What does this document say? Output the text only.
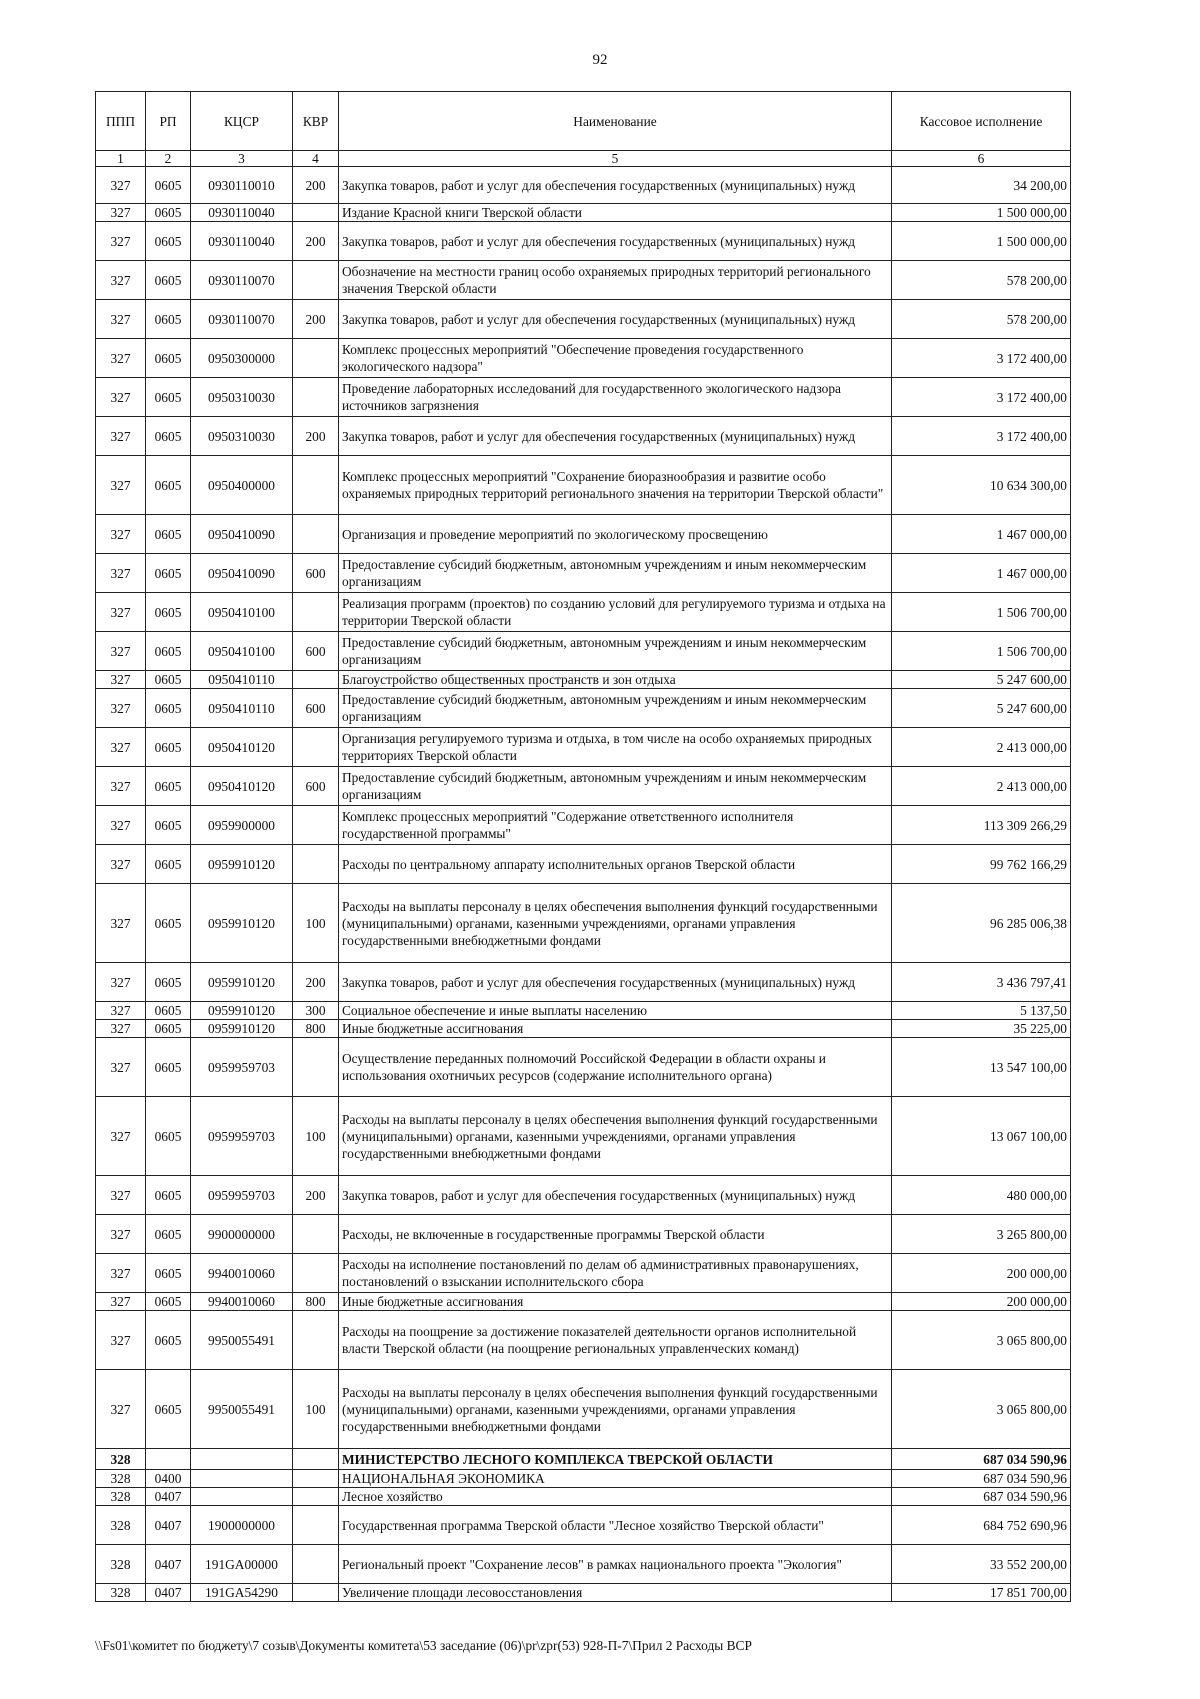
92
ППП	РП	КЦСР	КВР	Наименование	Кассовое исполнение
1	2	3	4	5	6
327	0605	0930110010	200	Закупка товаров, работ и услуг для обеспечения государственных (муниципальных) нужд	34 200,00
327	0605	0930110040		Издание Красной книги Тверской области	1 500 000,00
327	0605	0930110040	200	Закупка товаров, работ и услуг для обеспечения государственных (муниципальных) нужд	1 500 000,00
327	0605	0930110070		Обозначение на местности границ особо охраняемых природных территорий регионального значения Тверской области	578 200,00
327	0605	0930110070	200	Закупка товаров, работ и услуг для обеспечения государственных (муниципальных) нужд	578 200,00
327	0605	0950300000		Комплекс процессных мероприятий "Обеспечение проведения государственного экологического надзора"	3 172 400,00
327	0605	0950310030		Проведение лабораторных исследований для государственного экологического надзора источников загрязнения	3 172 400,00
327	0605	0950310030	200	Закупка товаров, работ и услуг для обеспечения государственных (муниципальных) нужд	3 172 400,00
327	0605	0950400000		Комплекс процессных мероприятий "Сохранение биоразнообразия и развитие особо охраняемых природных территорий регионального значения на территории Тверской области"	10 634 300,00
327	0605	0950410090		Организация и проведение мероприятий по экологическому просвещению	1 467 000,00
327	0605	0950410090	600	Предоставление субсидий бюджетным, автономным учреждениям и иным некоммерческим организациям	1 467 000,00
327	0605	0950410100		Реализация программ (проектов) по созданию условий для регулируемого туризма и отдыха на территории Тверской области	1 506 700,00
327	0605	0950410100	600	Предоставление субсидий бюджетным, автономным учреждениям и иным некоммерческим организациям	1 506 700,00
327	0605	0950410110		Благоустройство общественных пространств и зон отдыха	5 247 600,00
327	0605	0950410110	600	Предоставление субсидий бюджетным, автономным учреждениям и иным некоммерческим организациям	5 247 600,00
327	0605	0950410120		Организация регулируемого туризма и отдыха, в том числе на особо охраняемых природных территориях Тверской области	2 413 000,00
327	0605	0950410120	600	Предоставление субсидий бюджетным, автономным учреждениям и иным некоммерческим организациям	2 413 000,00
327	0605	0959900000		Комплекс процессных мероприятий "Содержание ответственного исполнителя государственной программы"	113 309 266,29
327	0605	0959910120		Расходы по центральному аппарату исполнительных органов Тверской области	99 762 166,29
327	0605	0959910120	100	Расходы на выплаты персоналу в целях обеспечения выполнения функций государственными (муниципальными) органами, казенными учреждениями, органами управления государственными внебюджетными фондами	96 285 006,38
327	0605	0959910120	200	Закупка товаров, работ и услуг для обеспечения государственных (муниципальных) нужд	3 436 797,41
327	0605	0959910120	300	Социальное обеспечение и иные выплаты населению	5 137,50
327	0605	0959910120	800	Иные бюджетные ассигнования	35 225,00
327	0605	0959959703		Осуществление переданных полномочий Российской Федерации в области охраны и использования охотничьих ресурсов (содержание исполнительного органа)	13 547 100,00
327	0605	0959959703	100	Расходы на выплаты персоналу в целях обеспечения выполнения функций государственными (муниципальными) органами, казенными учреждениями, органами управления государственными внебюджетными фондами	13 067 100,00
327	0605	0959959703	200	Закупка товаров, работ и услуг для обеспечения государственных (муниципальных) нужд	480 000,00
327	0605	9900000000		Расходы, не включенные в государственные программы Тверской области	3 265 800,00
327	0605	9940010060		Расходы на исполнение постановлений по делам об административных правонарушениях, постановлений о взыскании исполнительского сбора	200 000,00
327	0605	9940010060	800	Иные бюджетные ассигнования	200 000,00
327	0605	9950055491		Расходы на поощрение за достижение показателей деятельности органов исполнительной власти Тверской области (на поощрение региональных управленческих команд)	3 065 800,00
327	0605	9950055491	100	Расходы на выплаты персоналу в целях обеспечения выполнения функций государственными (муниципальными) органами, казенными учреждениями, органами управления государственными внебюджетными фондами	3 065 800,00
328				МИНИСТЕРСТВО ЛЕСНОГО КОМПЛЕКСА ТВЕРСКОЙ ОБЛАСТИ	687 034 590,96
328	0400			НАЦИОНАЛЬНАЯ ЭКОНОМИКА	687 034 590,96
328	0407			Лесное хозяйство	687 034 590,96
328	0407	1900000000		Государственная программа Тверской области "Лесное хозяйство Тверской области"	684 752 690,96
328	0407	191GA00000		Региональный проект "Сохранение лесов" в рамках национального проекта "Экология"	33 552 200,00
328	0407	191GA54290		Увеличение площади лесовосстановления	17 851 700,00
\\Fs01\комитет по бюджету\7 созыв\Документы комитета\53 заседание (06)\pr\zpr(53) 928-П-7\Прил 2 Расходы ВСР
